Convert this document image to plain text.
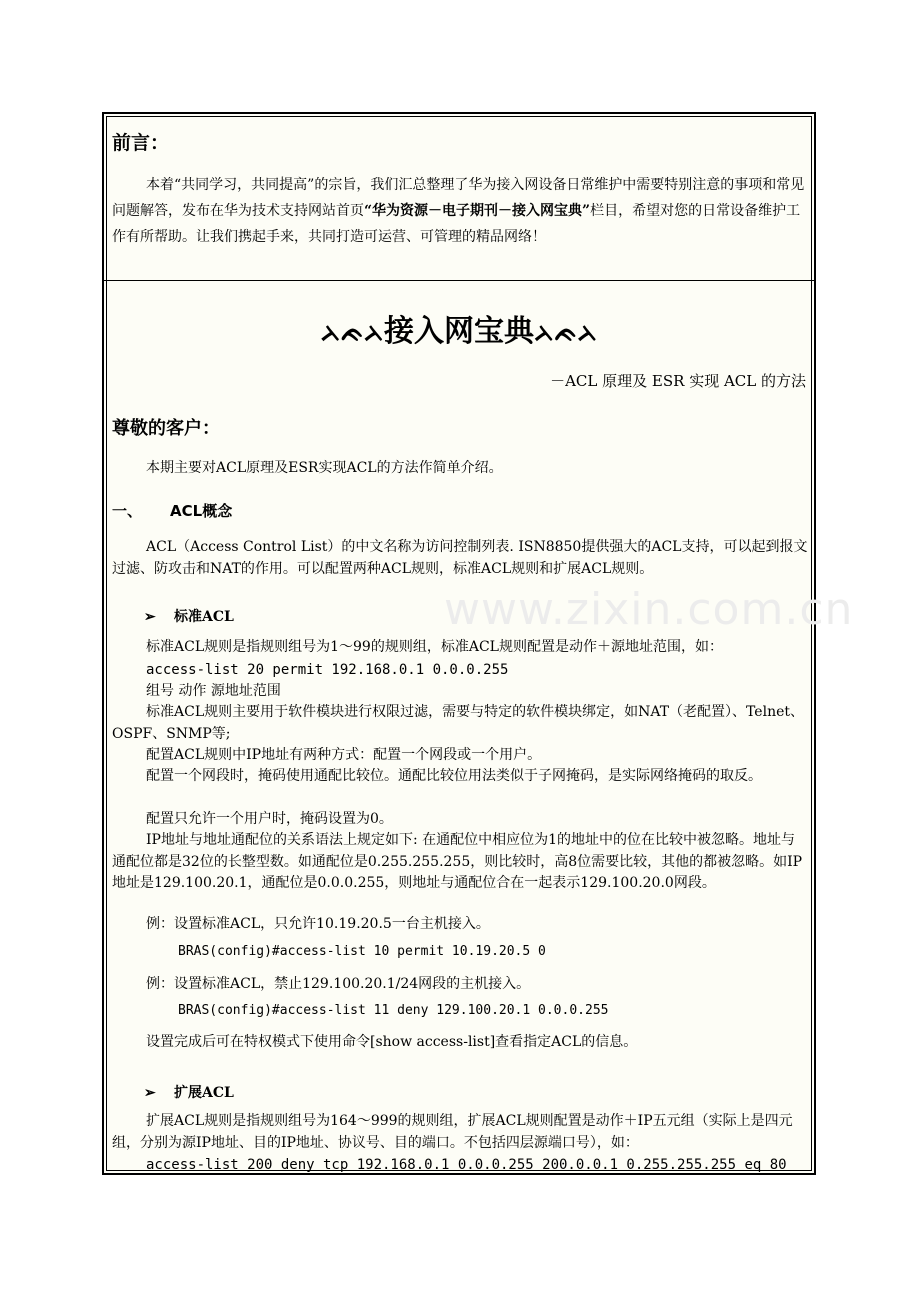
前言：

本着“共同学习，共同提高”的宗旨，我们汇总整理了华为接入网设备日常维护中需要特别注意的事项和常见问题解答，发布在华为技术支持网站首页“华为资源－电子期刊－接入网宝典”栏目，希望对您的日常设备维护工作有所帮助。让我们携起手来，共同打造可运营、可管理的精品网络！

www.zixin.com.cn
ᨂᨃᨂ接入网宝典ᨂᨃᨂ
－ACL 原理及 ESR 实现 ACL 的方法
尊敬的客户：

本期主要对ACL原理及ESR实现ACL的方法作简单介绍。

一、 ACL概念

ACL（Access Control List）的中文名称为访问控制列表. ISN8850提供强大的ACL支持，可以起到报文过滤、防攻击和NAT的作用。可以配置两种ACL规则，标准ACL规则和扩展ACL规则。

➢ 标准ACL

标准ACL规则是指规则组号为1～99的规则组，标准ACL规则配置是动作＋源地址范围，如：

access-list 20 permit 192.168.0.1 0.0.0.255
组号 动作 源地址范围

标准ACL规则主要用于软件模块进行权限过滤，需要与特定的软件模块绑定，如NAT（老配置）、Telnet、OSPF、SNMP等;

配置ACL规则中IP地址有两种方式：配置一个网段或一个用户。

配置一个网段时，掩码使用通配比较位。通配比较位用法类似于子网掩码，是实际网络掩码的取反。

配置只允许一个用户时，掩码设置为0。

IP地址与地址通配位的关系语法上规定如下: 在通配位中相应位为1的地址中的位在比较中被忽略。地址与通配位都是32位的长整型数。如通配位是0.255.255.255，则比较时，高8位需要比较，其他的都被忽略。如IP地址是129.100.20.1，通配位是0.0.0.255，则地址与通配位合在一起表示129.100.20.0网段。

例：设置标准ACL，只允许10.19.20.5一台主机接入。
BRAS(config)#access-list 10 permit 10.19.20.5 0
例：设置标准ACL，禁止129.100.20.1/24网段的主机接入。
BRAS(config)#access-list 11 deny 129.100.20.1 0.0.0.255

设置完成后可在特权模式下使用命令[show access-list]查看指定ACL的信息。

➢ 扩展ACL

扩展ACL规则是指规则组号为164～999的规则组，扩展ACL规则配置是动作＋IP五元组（实际上是四元组，分别为源IP地址、目的IP地址、协议号、目的端口。不包括四层源端口号），如：

access-list 200 deny tcp 192.168.0.1 0.0.0.255 200.0.0.1 0.255.255.255 eq 80
